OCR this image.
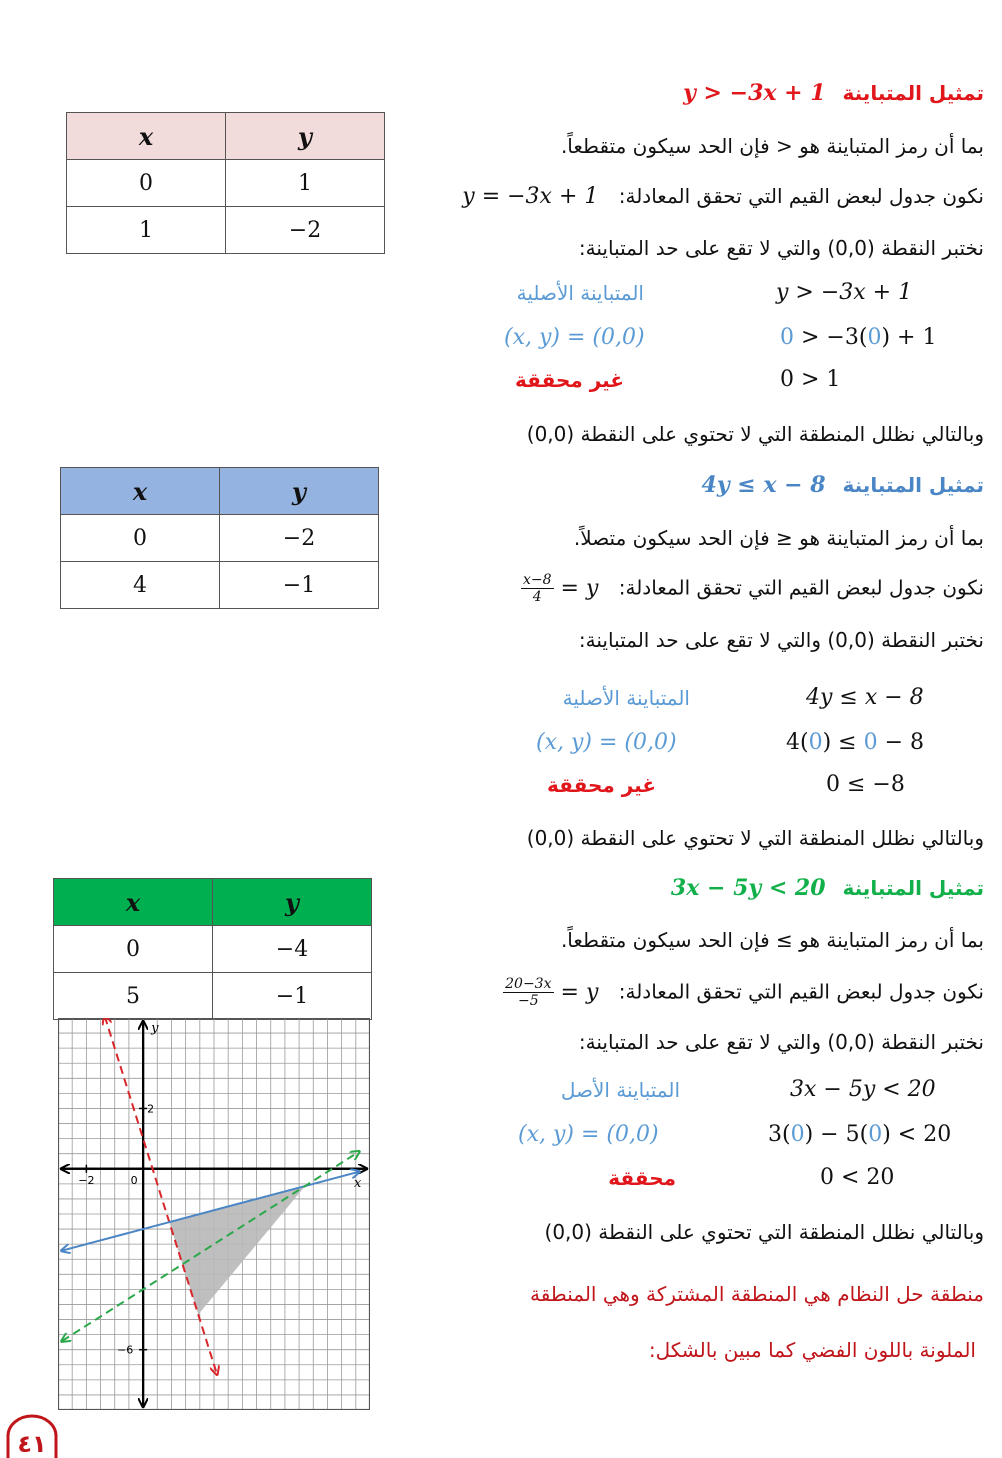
تمثيل المتباينة y > −3x + 1
بما أن رمز المتباينة هو < فإن الحد سيكون متقطعاً.
نكون جدول لبعض القيم التي تحقق المعادلة: y = −3x + 1
نختبر النقطة (0,0) والتي لا تقع على حد المتباينة:
المتباينة الأصلية	y > −3x + 1
(x, y) = (0,0)	0 > −3(0) + 1
غير محققة	0 > 1
وبالتالي نظلل المنطقة التي لا تحتوي على النقطة (0,0)
x	y
0	1
1	−2
تمثيل المتباينة 4y ≤ x − 8
بما أن رمز المتباينة هو ≤ فإن الحد سيكون متصلاً.
نكون جدول لبعض القيم التي تحقق المعادلة: y =
$\frac{x-8}{4}$
نختبر النقطة (0,0) والتي لا تقع على حد المتباينة:
المتباينة الأصلية	4y ≤ x − 8
(x, y) = (0,0)	4(0) ≤ 0 − 8
غير محققة	0 ≤ −8
وبالتالي نظلل المنطقة التي لا تحتوي على النقطة (0,0)
x	y
0	−2
4	−1
تمثيل المتباينة 3x − 5y < 20
بما أن رمز المتباينة هو ≥ فإن الحد سيكون متقطعاً.
نكون جدول لبعض القيم التي تحقق المعادلة: y =
$\frac{20-3x}{-5}$
نختبر النقطة (0,0) والتي لا تقع على حد المتباينة:
المتباينة الأصل	3x − 5y < 20
(x, y) = (0,0)	3(0) − 5(0) < 20
محققة	0 < 20
وبالتالي نظلل المنطقة التي تحتوي على النقطة (0,0)
منطقة حل النظام هي المنطقة المشتركة وهي المنطقة
الملونة باللون الفضي كما مبين بالشكل:
x	y
0	−4
5	−1
x
y
−2	0
2
−6
٤١
